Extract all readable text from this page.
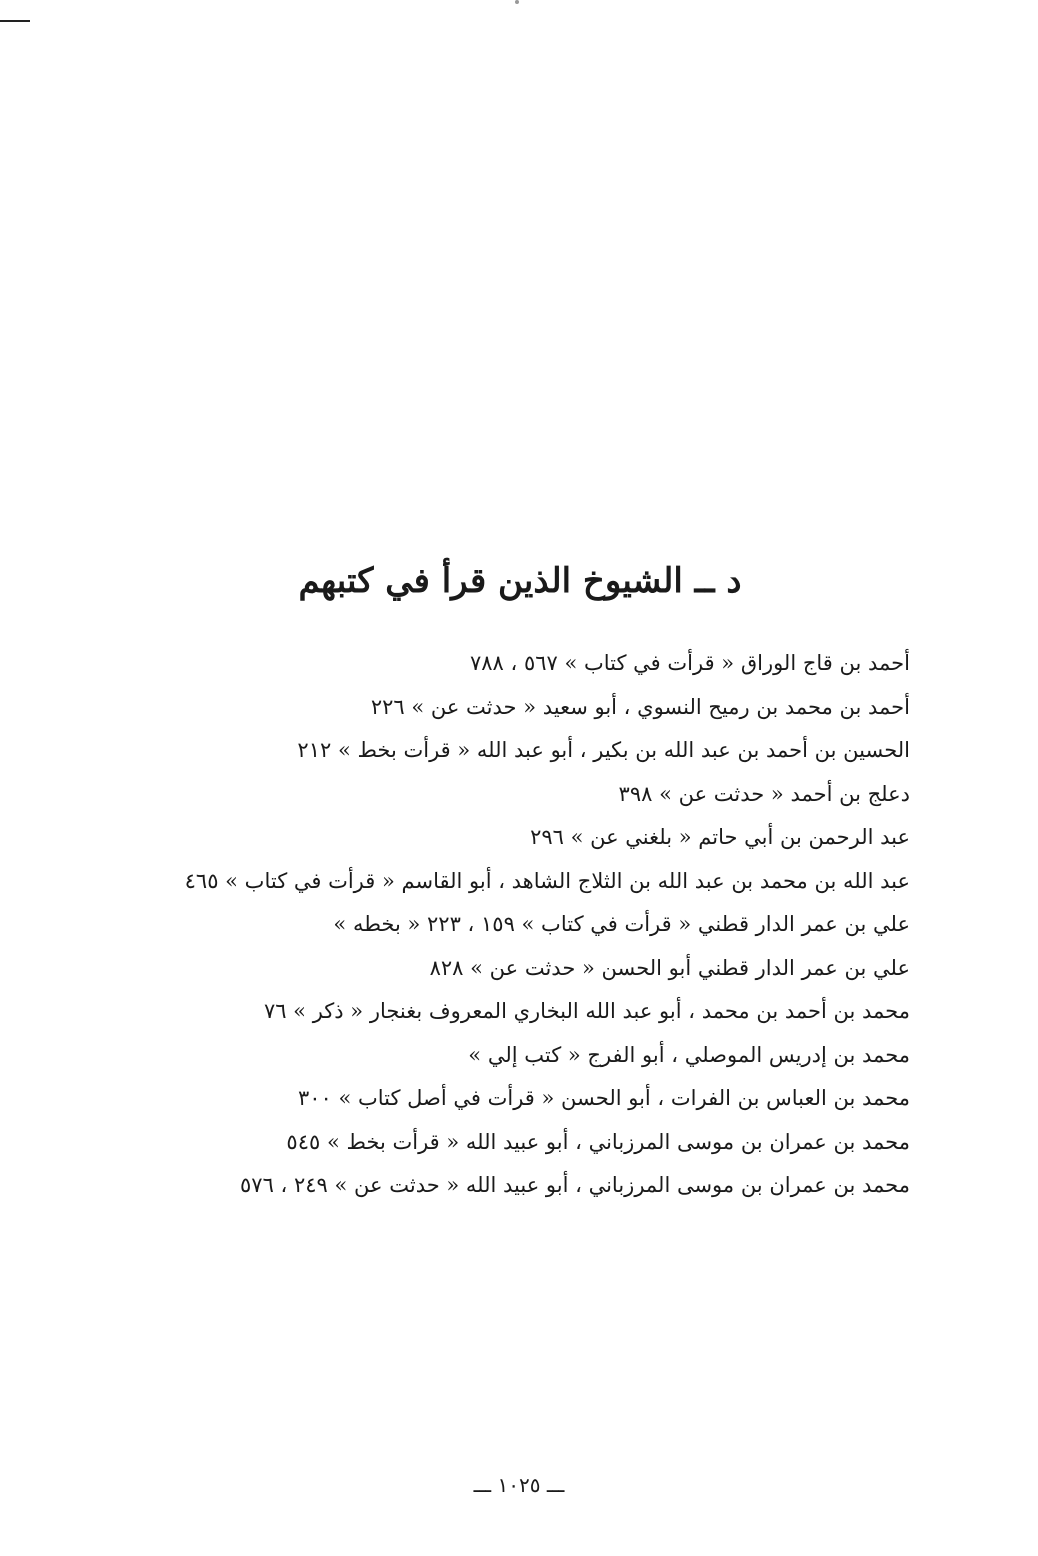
د ــ الشيوخ الذين قرأ في كتبهم
أحمد بن قاج الوراق « قرأت في كتاب » ٥٦٧ ، ٧٨٨
أحمد بن محمد بن رميح النسوي ، أبو سعيد « حدثت عن » ٢٢٦
الحسين بن أحمد بن عبد الله بن بكير ، أبو عبد الله « قرأت بخط » ٢١٢
دعلج بن أحمد « حدثت عن » ٣٩٨
عبد الرحمن بن أبي حاتم « بلغني عن » ٢٩٦
عبد الله بن محمد بن عبد الله بن الثلاج الشاهد ، أبو القاسم « قرأت في كتاب » ٤٦٥
علي بن عمر الدار قطني « قرأت في كتاب » ١٥٩ ، ٢٢٣ « بخطه »
علي بن عمر الدار قطني أبو الحسن « حدثت عن » ٨٢٨
محمد بن أحمد بن محمد ، أبو عبد الله البخاري المعروف بغنجار « ذكر » ٧٦
محمد بن إدريس الموصلي ، أبو الفرج « كتب إلي »
محمد بن العباس بن الفرات ، أبو الحسن « قرأت في أصل كتاب » ٣٠٠
محمد بن عمران بن موسى المرزباني ، أبو عبيد الله « قرأت بخط » ٥٤٥
محمد بن عمران بن موسى المرزباني ، أبو عبيد الله « حدثت عن » ٢٤٩ ، ٥٧٦
ـــ ١٠٢٥ ـــ
